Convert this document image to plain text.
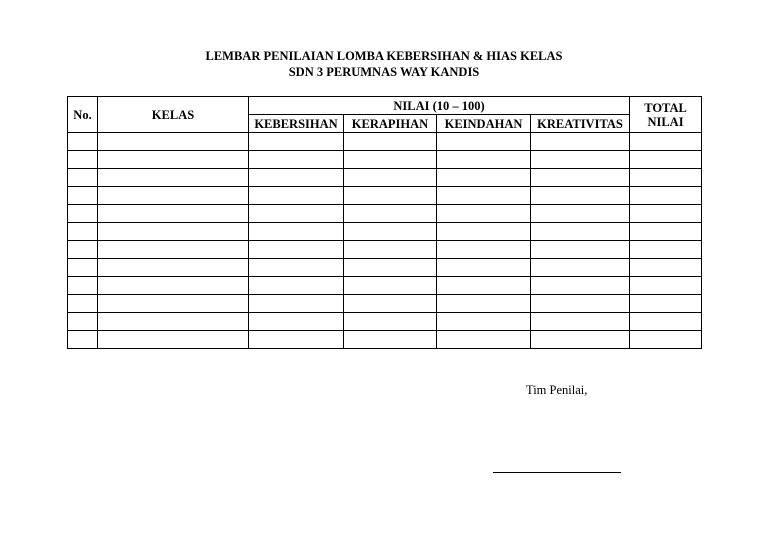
LEMBAR PENILAIAN LOMBA KEBERSIHAN & HIAS KELAS
SDN 3 PERUMNAS WAY KANDIS
No.	KELAS	NILAI (10 – 100)				TOTAL
NILAI
		KEBERSIHAN	KERAPIHAN	KEINDAHAN	KREATIVITAS	

Tim Penilai,
